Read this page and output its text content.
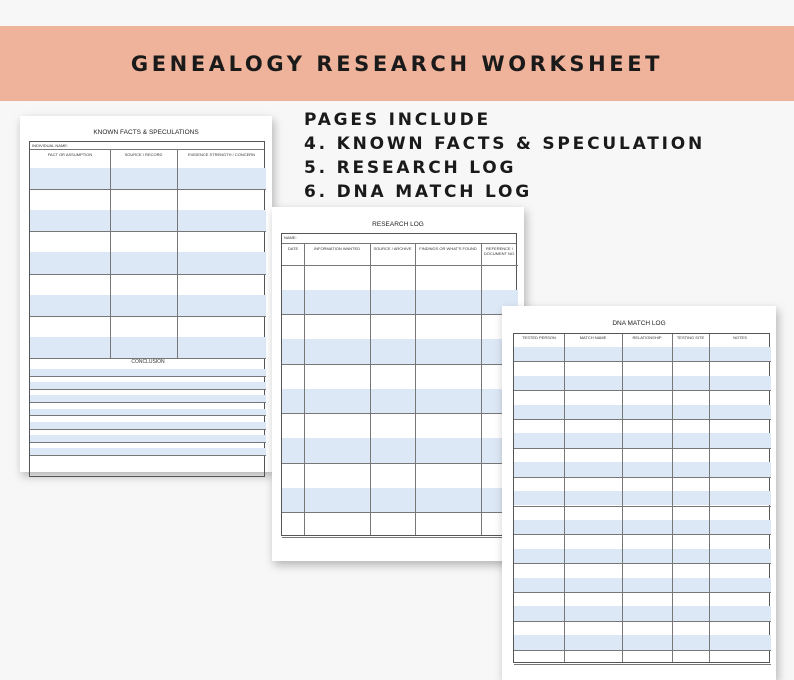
GENEALOGY RESEARCH WORKSHEET
PAGES INCLUDE
4. KNOWN FACTS & SPECULATION
5. RESEARCH LOG
6. DNA MATCH LOG
KNOWN FACTS & SPECULATIONS
INDIVIDUAL NAME:
FACT OR ASSUMPTION	SOURCE / RECORD	EVIDENCE STRENGTH / CONCERN
CONCLUSION
RESEARCH LOG
NAME:
DATE	INFORMATION WANTED	SOURCE / ARCHIVE	FINDINGS OR WHAT'S FOUND	REFERENCE / DOCUMENT NO.
DNA MATCH LOG
TESTED PERSON	MATCH NAME	RELATIONSHIP	TESTING SITE	NOTES
